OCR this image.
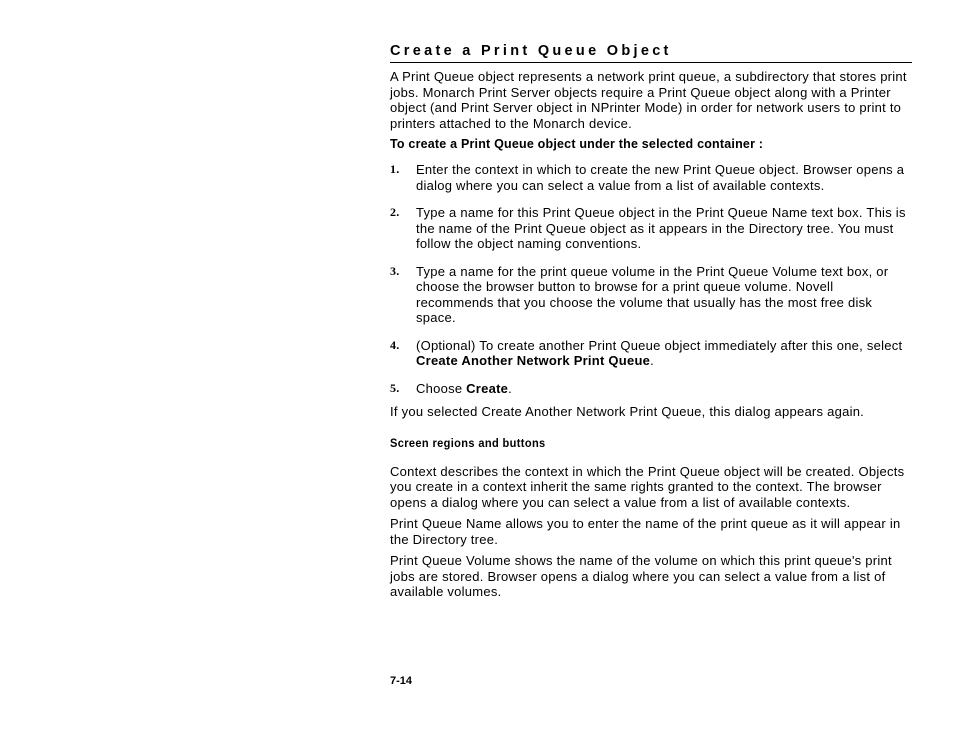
Create a Print Queue Object

A Print Queue object represents a network print queue, a subdirectory that stores print jobs. Monarch Print Server objects require a Print Queue object along with a Printer object (and Print Server object in NPrinter Mode) in order for network users to print to printers attached to the Monarch device.

To create a Print Queue object under the selected container :

1.	Enter the context in which to create the new Print Queue object. Browser opens a dialog where you can select a value from a list of available contexts.
2.	Type a name for this Print Queue object in the Print Queue Name text box. This is the name of the Print Queue object as it appears in the Directory tree. You must follow the object naming conventions.
3.	Type a name for the print queue volume in the Print Queue Volume text box, or choose the browser button to browse for a print queue volume. Novell recommends that you choose the volume that usually has the most free disk space.
4.	(Optional) To create another Print Queue object immediately after this one, select Create Another Network Print Queue.
5.	Choose Create.

If you selected Create Another Network Print Queue, this dialog appears again.

Screen regions and buttons

Context describes the context in which the Print Queue object will be created. Objects you create in a context inherit the same rights granted to the context. The browser opens a dialog where you can select a value from a list of available contexts.

Print Queue Name allows you to enter the name of the print queue as it will appear in the Directory tree.

Print Queue Volume shows the name of the volume on which this print queue's print jobs are stored. Browser opens a dialog where you can select a value from a list of available volumes.

7-14
